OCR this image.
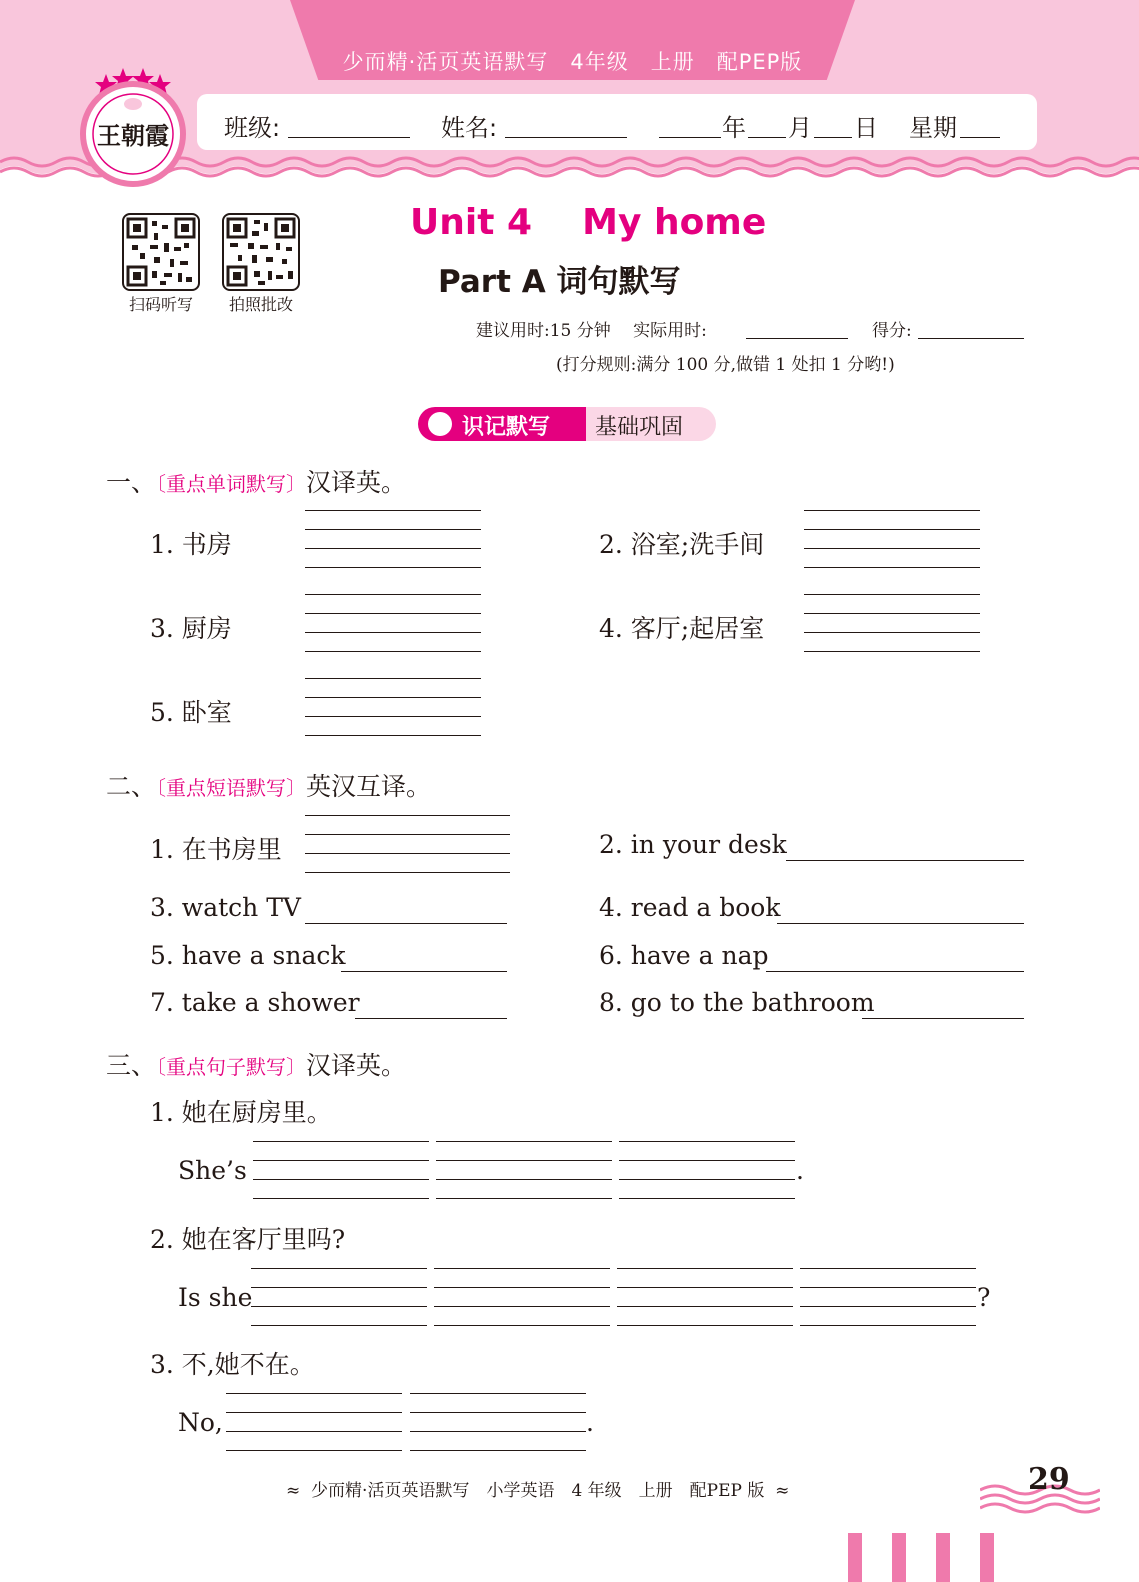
少而精·活页英语默写　4年级　上册　配PEP版
班级:	姓名:	年 月 日 星期
王朝霞
扫码听写	拍照批改
Unit 4    My home
Part A 词句默写
建议用时:15 分钟　 实际用时:	得分:
(打分规则:满分 100 分,做错 1 处扣 1 分哟!)
识记默写 基础巩固
一、〔重点单词默写〕汉译英。
1. 书房	2. 浴室;洗手间
3. 厨房	4. 客厅;起居室
5. 卧室
二、〔重点短语默写〕英汉互译。
1. 在书房里	2. in your desk
3. watch TV	4. read a book
5. have a snack	6. have a nap
7. take a shower	8. go to the bathroom
三、〔重点句子默写〕汉译英。
1. 她在厨房里。
She’s	.
2. 她在客厅里吗?
Is she	?
3. 不,她不在。
No,	.
≈  少而精·活页英语默写　小学英语　4 年级　上册　配PEP 版  ≈	29
